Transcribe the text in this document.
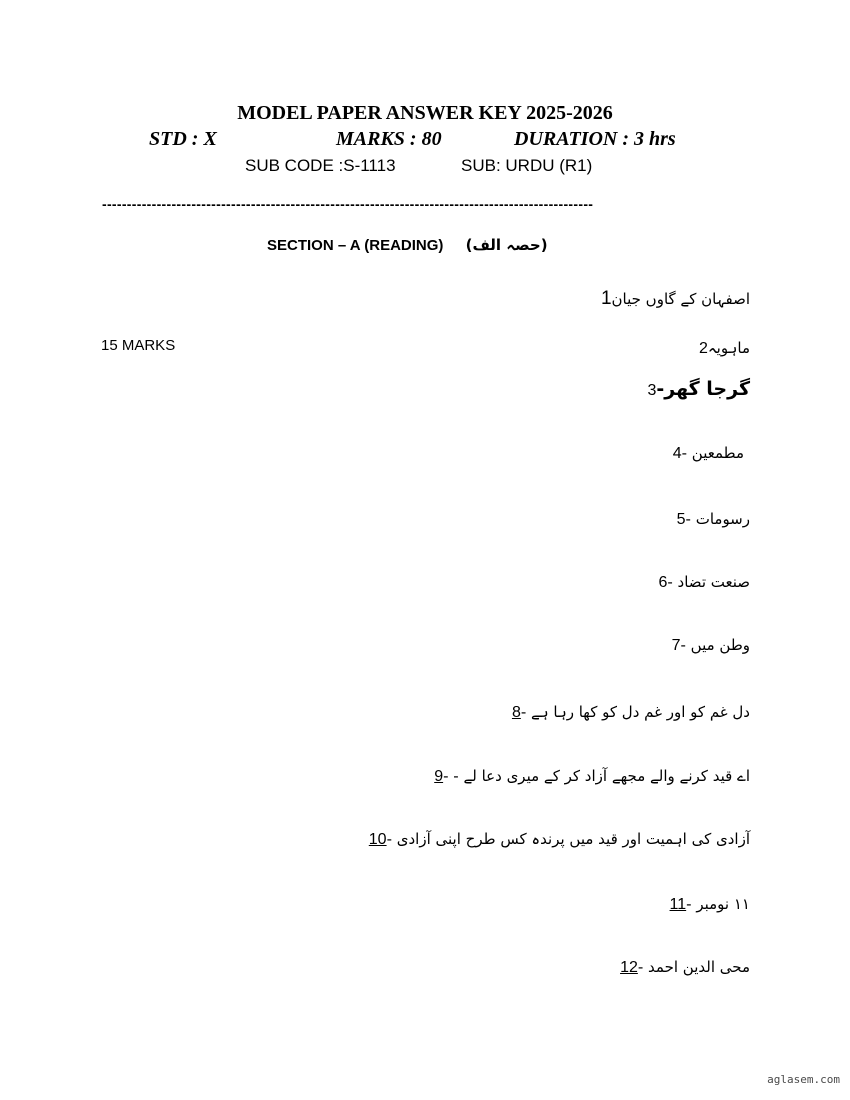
MODEL PAPER ANSWER KEY 2025-2026
STD : X	MARKS : 80	DURATION : 3 hrs
SUB CODE :S-1113	SUB: URDU (R1)
---------------------------------------------------------------------------------------------------
SECTION – A (READING) (حصہ الف)
15 MARKS
اصفہان کے گاوں جیان1
ماہویہ2
گرجا گھر-3
مطمعین -4
رسومات -5
صنعت تضاد -6
وطن میں -7
دل غم کو اور غم دل کو کھا رہا ہے -8
اے قید کرنے والے مجھے آزاد کر کے میری دعا لے - -9
آزادی کی اہمیت اور قید میں پرندہ کس طرح اپنی آزادی -10
۱۱ نومبر -11
محی الدین احمد -12
aglasem.com
